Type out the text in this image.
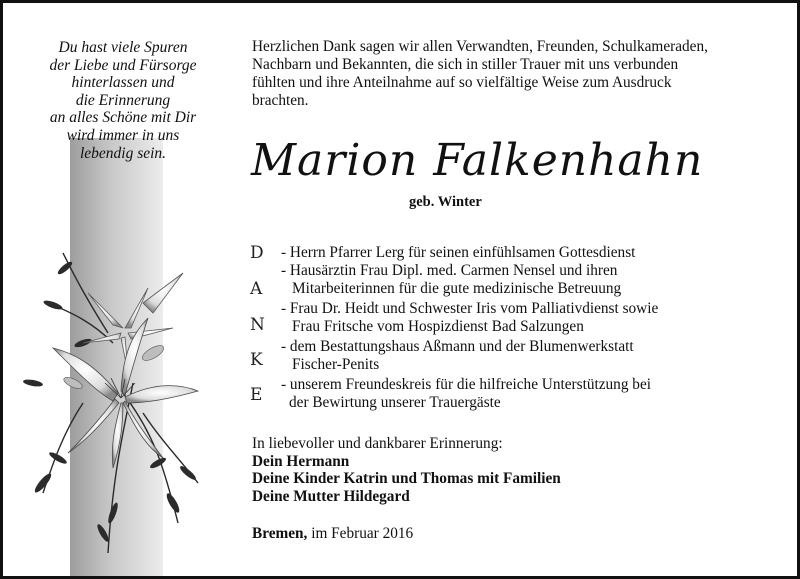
Du hast viele Spuren
der Liebe und Fürsorge
hinterlassen und
die Erinnerung
an alles Schöne mit Dir
wird immer in uns
lebendig sein.
Herzlichen Dank sagen wir allen Verwandten, Freunden, Schulkameraden,
Nachbarn und Bekannten, die sich in stiller Trauer mit uns verbunden
fühlten und ihre Anteilnahme auf so vielfältige Weise zum Ausdruck
brachten.
Marion Falkenhahn
geb. Winter
D
A
N
K
E
- Herrn Pfarrer Lerg für seinen einfühlsamen Gottesdienst
- Hausärztin Frau Dipl. med. Carmen Nensel und ihren
Mitarbeiterinnen für die gute medizinische Betreuung
- Frau Dr. Heidt und Schwester Iris vom Palliativdienst sowie
Frau Fritsche vom Hospizdienst Bad Salzungen
- dem Bestattungshaus Aßmann und der Blumenwerkstatt
Fischer-Penits
- unserem Freundeskreis für die hilfreiche Unterstützung bei
der Bewirtung unserer Trauergäste
In liebevoller und dankbarer Erinnerung:
Dein Hermann
Deine Kinder Katrin und Thomas mit Familien
Deine Mutter Hildegard
Bremen, im Februar 2016
